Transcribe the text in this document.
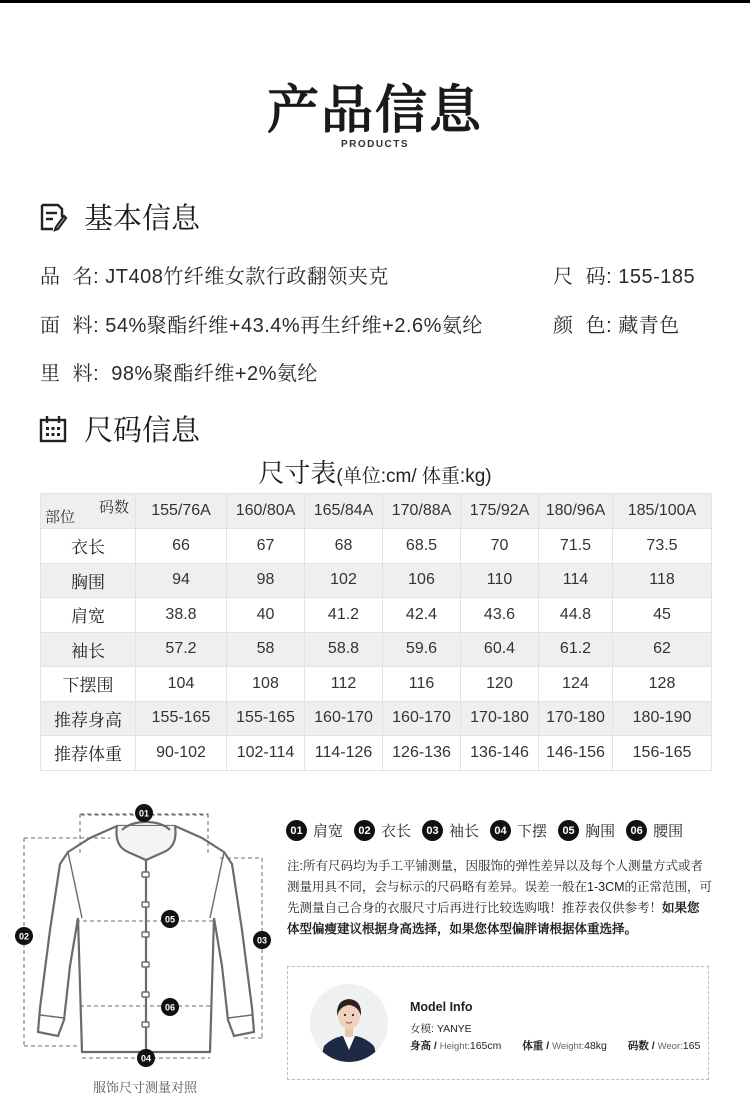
产品信息
PRODUCTS
基本信息
品  名: JT408竹纤维女款行政翻领夹克	尺  码: 155-185
面  料: 54%聚酯纤维+43.4%再生纤维+2.6%氨纶	颜  色: 藏青色
里  料:  98%聚酯纤维+2%氨纶
尺码信息
尺寸表(单位:cm/ 体重:kg)
码数
部位	155/76A	160/80A	165/84A	170/88A	175/92A	180/96A	185/100A
衣长	66	67	68	68.5	70	71.5	73.5
胸围	94	98	102	106	110	114	118
肩宽	38.8	40	41.2	42.4	43.6	44.8	45
袖长	57.2	58	58.8	59.6	60.4	61.2	62
下摆围	104	108	112	116	120	124	128
推荐身高	155-165	155-165	160-170	160-170	170-180	170-180	180-190
推荐体重	90-102	102-114	114-126	126-136	136-146	146-156	156-165
01
02	03
04
05
06
服饰尺寸测量对照
01 肩宽	02 衣长	03 袖长	04 下摆	05 胸围	06 腰围
注:所有尺码均为手工平铺测量，因服饰的弹性差异以及每个人测量方式或者测量用具不同，会与标示的尺码略有差异。误差一般在1-3CM的正常范围，可先测量自己合身的衣服尺寸后再进行比较选购哦！推荐表仅供参考！如果您体型偏瘦建议根据身高选择，如果您体型偏胖请根据体重选择。
Model Info
女模: YANYE
身高 / Height:165cm 体重 / Weight:48kg 码数 / Weor:165
